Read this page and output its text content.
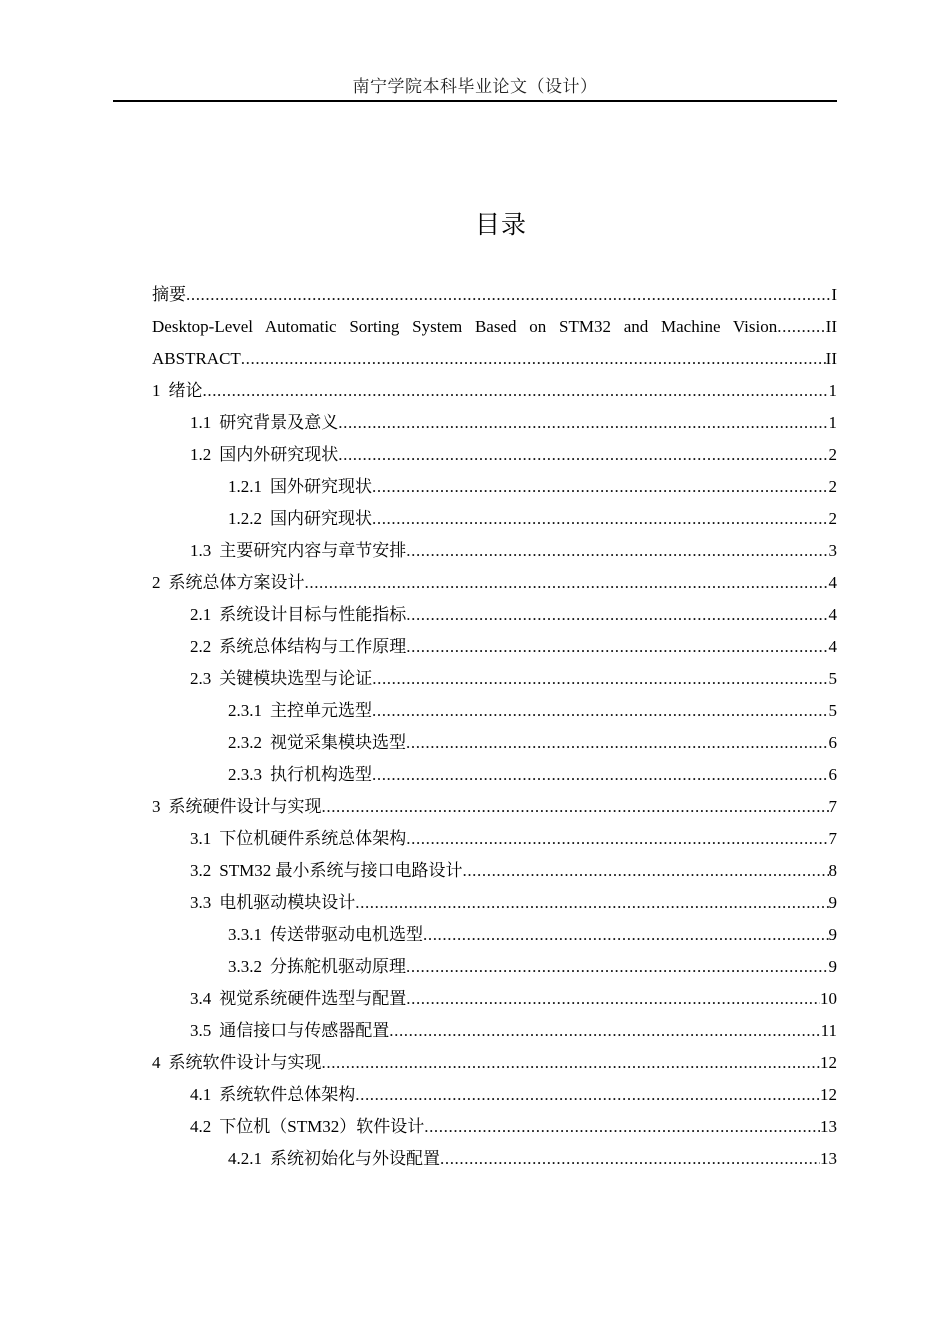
南宁学院本科毕业论文（设计）
目录
摘要 .....	I
Desktop-Level Automatic Sorting System Based on STM32 and Machine Vision .....	II
ABSTRACT .....	II
1 绪论 .....	1
1.1 研究背景及意义 .....	1
1.2 国内外研究现状 .....	2
1.2.1 国外研究现状 .....	2
1.2.2 国内研究现状 .....	2
1.3 主要研究内容与章节安排 .....	3
2 系统总体方案设计 .....	4
2.1 系统设计目标与性能指标 .....	4
2.2 系统总体结构与工作原理 .....	4
2.3 关键模块选型与论证 .....	5
2.3.1 主控单元选型 .....	5
2.3.2 视觉采集模块选型 .....	6
2.3.3 执行机构选型 .....	6
3 系统硬件设计与实现 .....	7
3.1 下位机硬件系统总体架构 .....	7
3.2 STM32 最小系统与接口电路设计 .....	8
3.3 电机驱动模块设计 .....	9
3.3.1 传送带驱动电机选型 .....	9
3.3.2 分拣舵机驱动原理 .....	9
3.4 视觉系统硬件选型与配置 .....	10
3.5 通信接口与传感器配置 .....	11
4 系统软件设计与实现 .....	12
4.1 系统软件总体架构 .....	12
4.2 下位机（STM32）软件设计 .....	13
4.2.1 系统初始化与外设配置 .....	13
